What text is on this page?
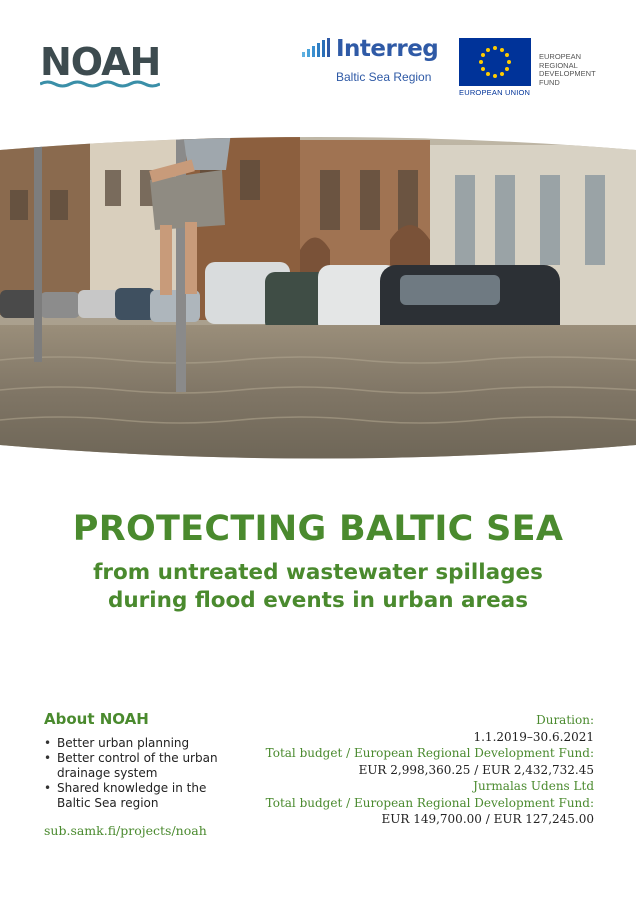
NOAH	Interreg
Baltic Sea Region
EUROPEAN UNION
EUROPEAN
REGIONAL
DEVELOPMENT
FUND
PROTECTING BALTIC SEA
from untreated wastewater spillages
during flood events in urban areas
About NOAH
• Better urban planning
• Better control of the urban
drainage system
• Shared knowledge in the
Baltic Sea region
sub.samk.fi/projects/noah
Duration:
1.1.2019–30.6.2021
Total budget / European Regional Development Fund:
EUR 2,998,360.25 / EUR 2,432,732.45
Jurmalas Udens Ltd
Total budget / European Regional Development Fund:
EUR 149,700.00 / EUR 127,245.00
